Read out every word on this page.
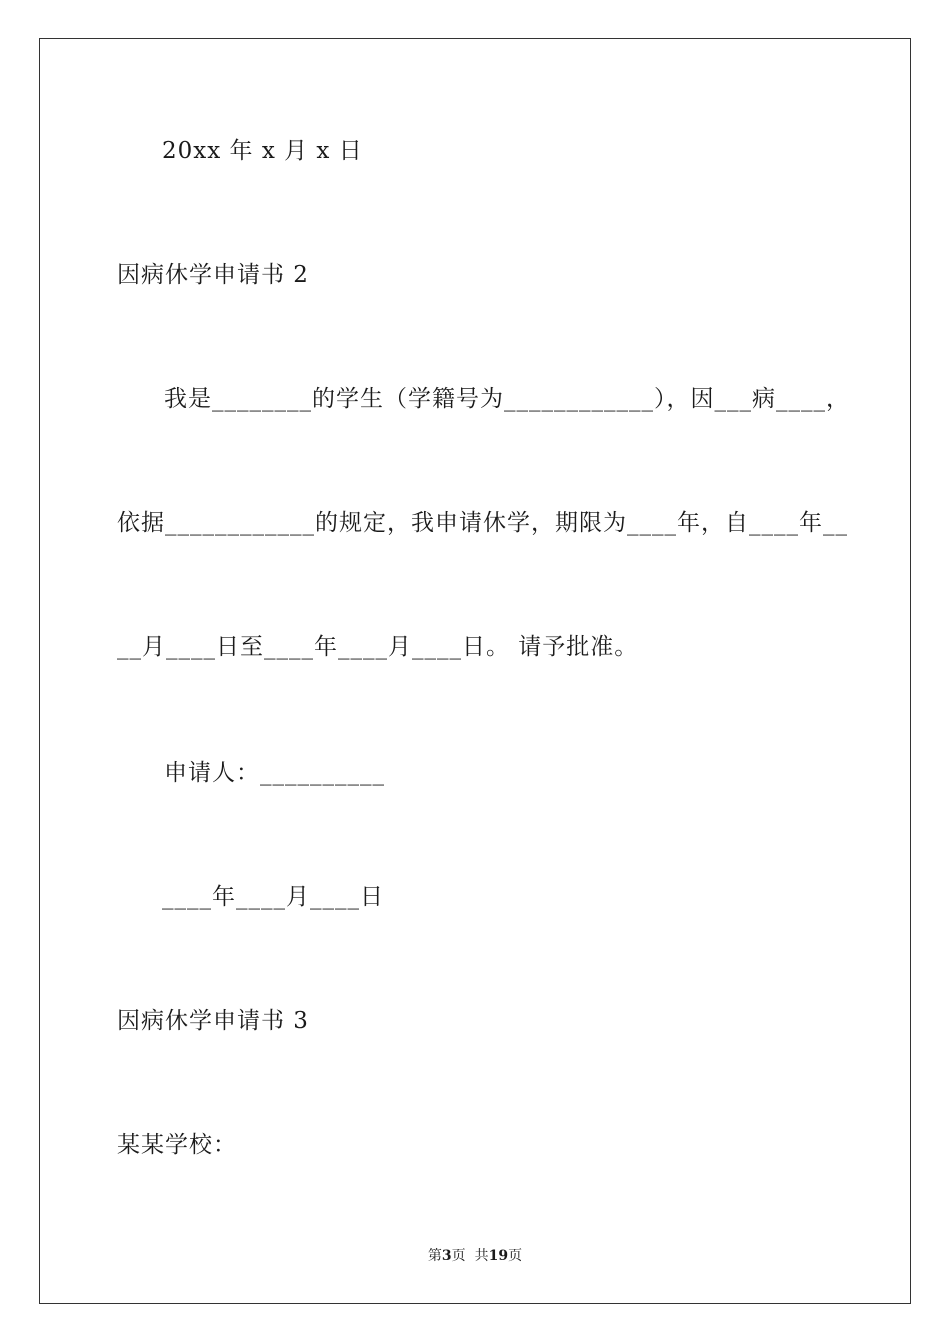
20xx 年 x 月 x 日
因病休学申请书 2
我是________的学生（学籍号为____________），因___病____，
依据____________的规定，我申请休学，期限为____年，自____年__
__月____日至____年____月____日。 请予批准。
申请人：__________
____年____月____日
因病休学申请书 3
某某学校：
第3页  共19页
